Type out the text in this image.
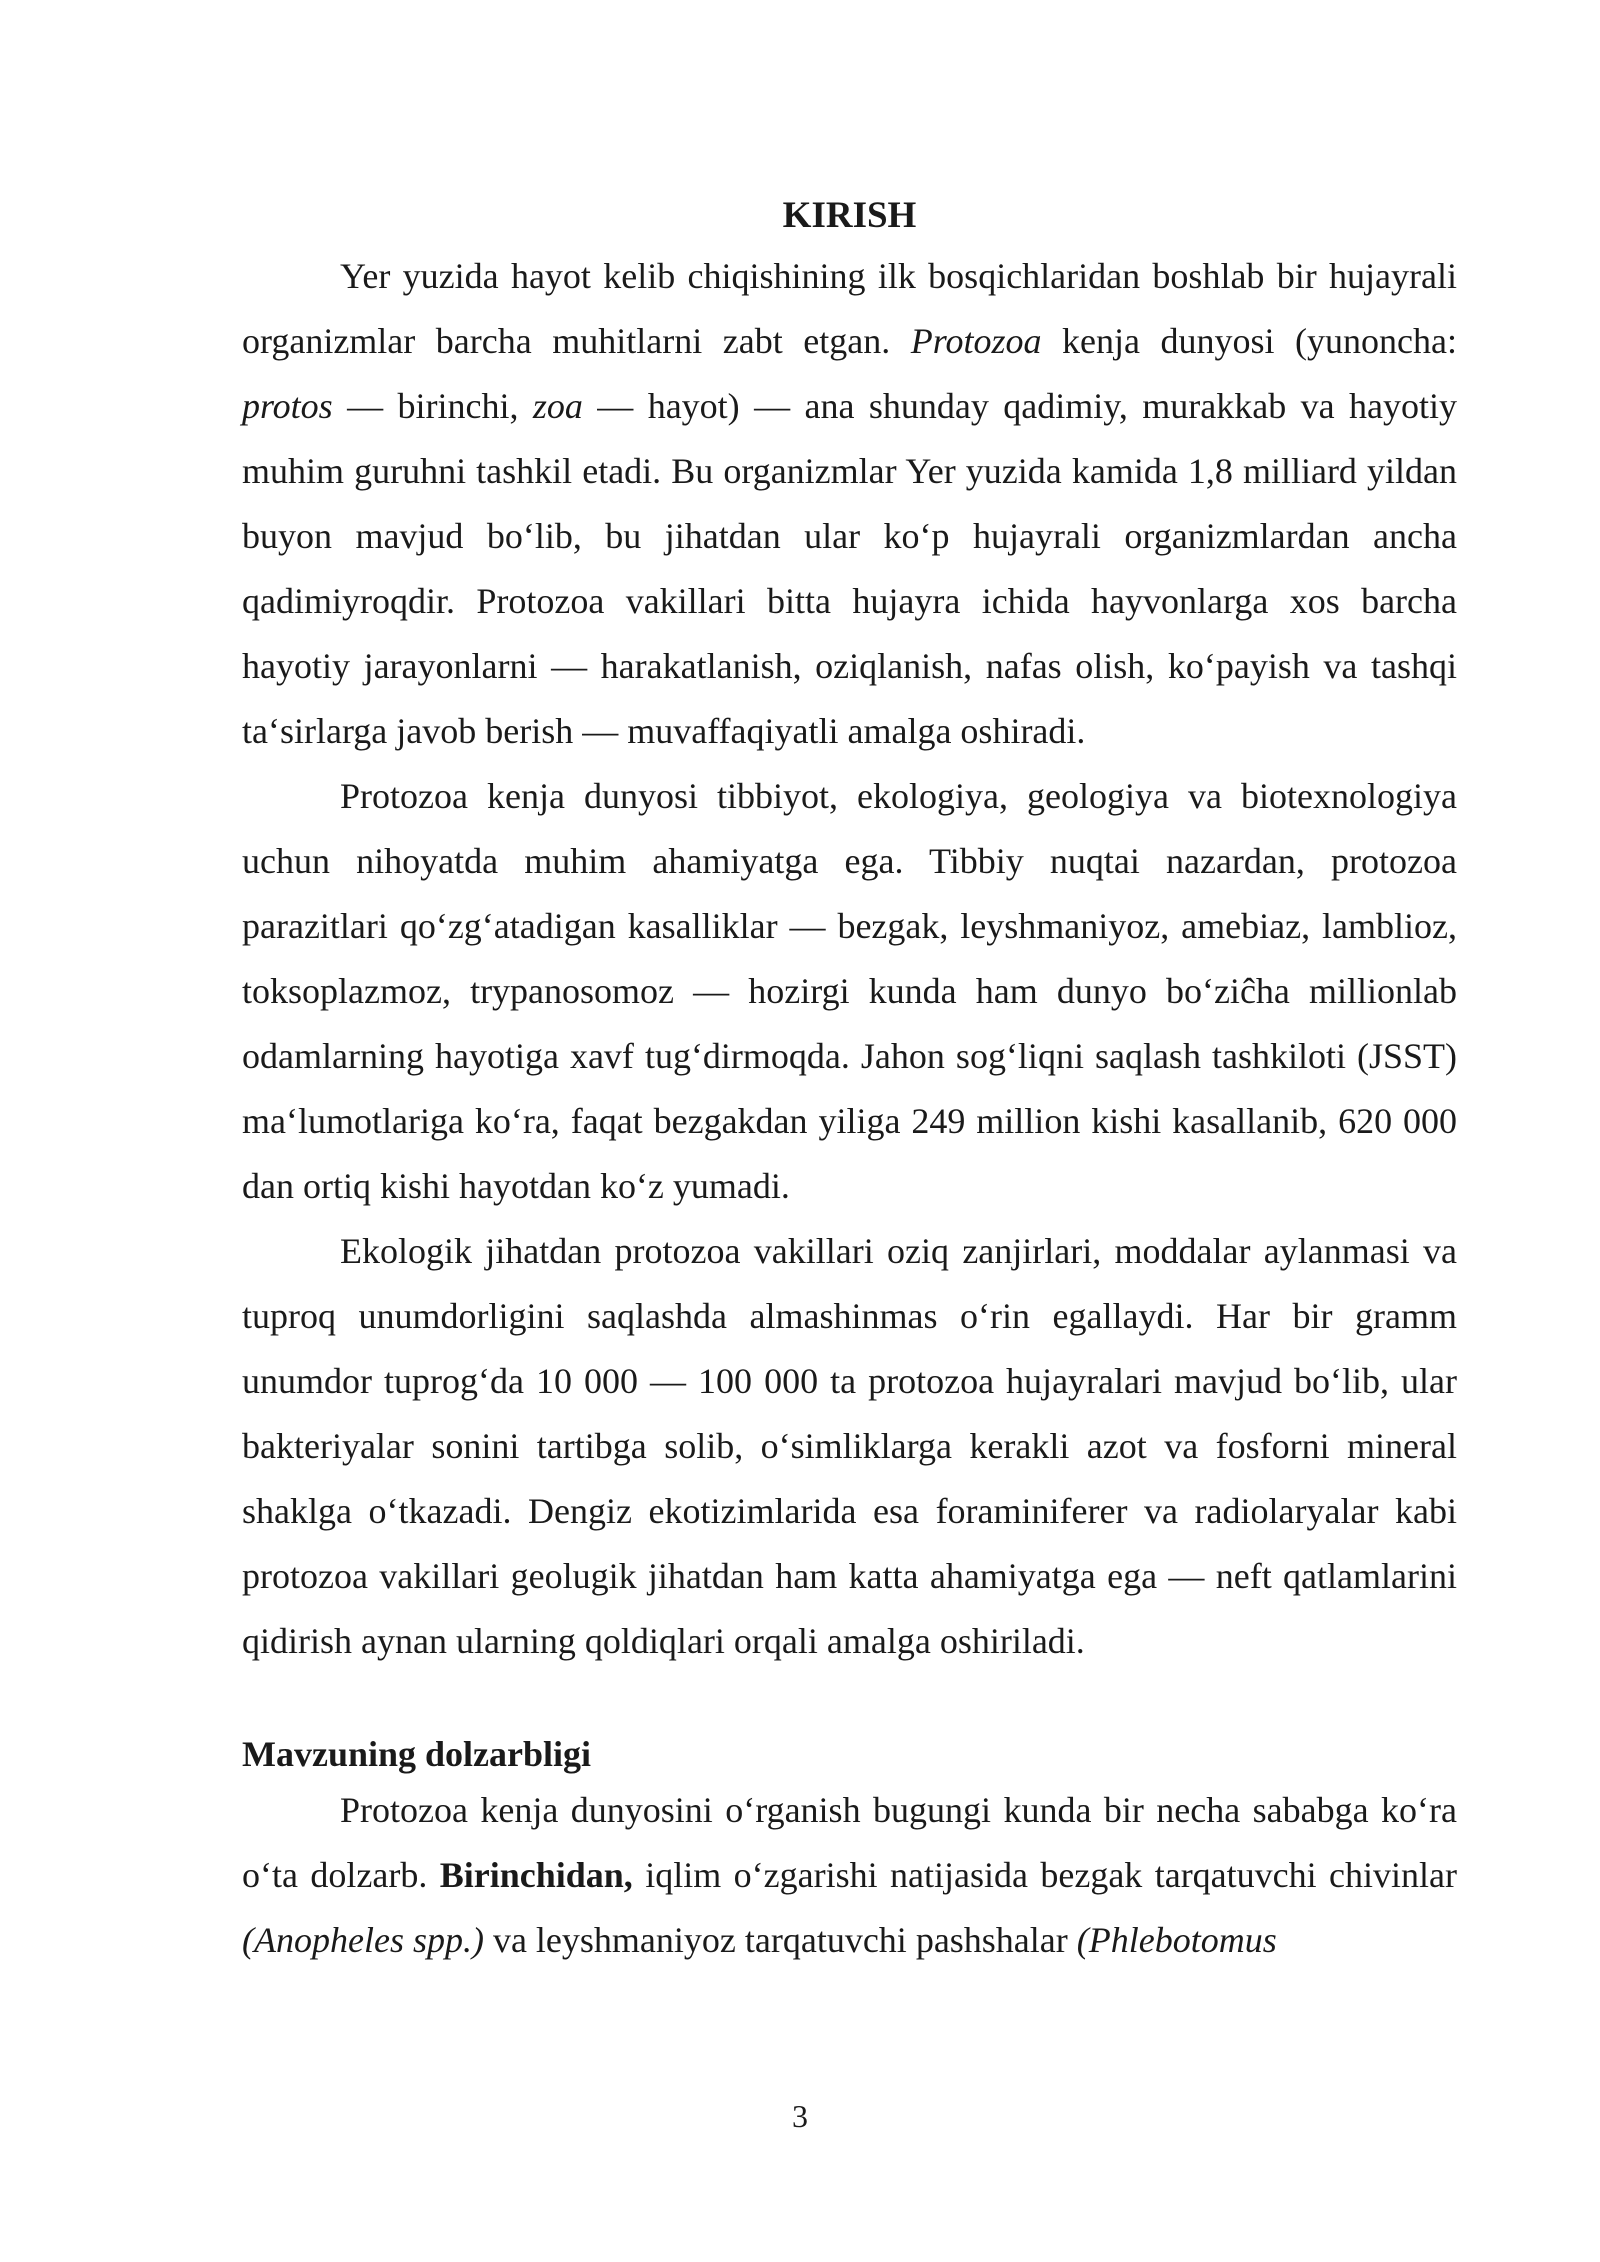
KIRISH

Yer yuzida hayot kelib chiqishining ilk bosqichlaridan boshlab bir hujayrali organizmlar barcha muhitlarni zabt etgan. Protozoa kenja dunyosi (yunoncha: protos — birinchi, zoa — hayot) — ana shunday qadimiy, murakkab va hayotiy muhim guruhni tashkil etadi. Bu organizmlar Yer yuzida kamida 1,8 milliard yildan buyon mavjud bo‘lib, bu jihatdan ular ko‘p hujayrali organizmlardan ancha qadimiyroqdir. Protozoa vakillari bitta hujayra ichida hayvonlarga xos barcha hayotiy jarayonlarni — harakatlanish, oziqlanish, nafas olish, ko‘payish va tashqi ta‘sirlarga javob berish — muvaffaqiyatli amalga oshiradi.

Protozoa kenja dunyosi tibbiyot, ekologiya, geologiya va biotexnologiya uchun nihoyatda muhim ahamiyatga ega. Tibbiy nuqtai nazardan, protozoa parazitlari qo‘zg‘atadigan kasalliklar — bezgak, leyshmaniyoz, amebiaz, lamblioz, toksoplazmoz, trypanosomoz — hozirgi kunda ham dunyo bo‘ziĉha millionlab odamlarning hayotiga xavf tug‘dirmoqda. Jahon sog‘liqni saqlash tashkiloti (JSST) ma‘lumotlariga ko‘ra, faqat bezgakdan yiliga 249 million kishi kasallanib, 620 000 dan ortiq kishi hayotdan ko‘z yumadi.

Ekologik jihatdan protozoa vakillari oziq zanjirlari, moddalar aylanmasi va tuproq unumdorligini saqlashda almashinmas o‘rin egallaydi. Har bir gramm unumdor tuprog‘da 10 000 — 100 000 ta protozoa hujayralari mavjud bo‘lib, ular bakteriyalar sonini tartibga solib, o‘simliklarga kerakli azot va fosforni mineral shaklga o‘tkazadi. Dengiz ekotizimlarida esa foraminiferer va radiolaryalar kabi protozoa vakillari geolugik jihatdan ham katta ahamiyatga ega — neft qatlamlarini qidirish aynan ularning qoldiqlari orqali amalga oshiriladi.

Mavzuning dolzarbligi

Protozoa kenja dunyosini o‘rganish bugungi kunda bir necha sababga ko‘ra o‘ta dolzarb. Birinchidan, iqlim o‘zgarishi natijasida bezgak tarqatuvchi chivinlar (Anopheles spp.) va leyshmaniyoz tarqatuvchi pashshalar (Phlebotomus

3
